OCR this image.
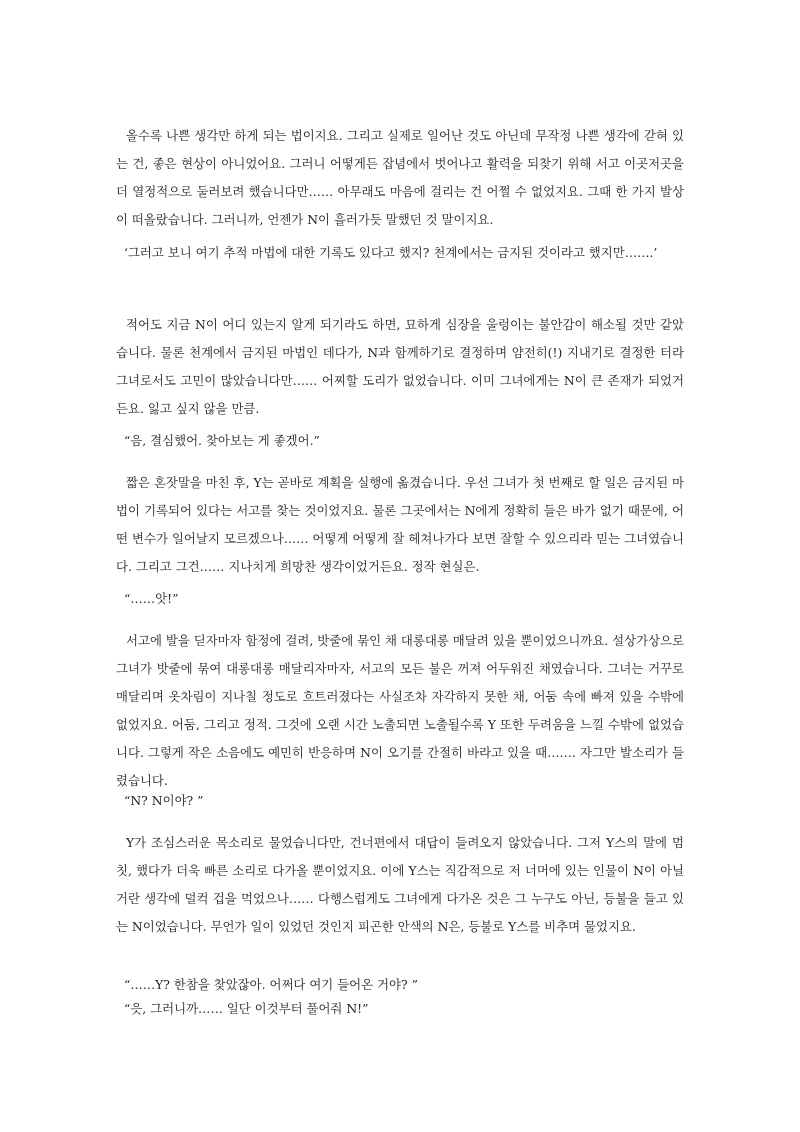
올수록 나쁜 생각만 하게 되는 법이지요. 그리고 실제로 일어난 것도 아닌데 무작정 나쁜 생각에 갇혀 있는 건, 좋은 현상이 아니었어요. 그러니 어떻게든 잡념에서 벗어나고 활력을 되찾기 위해 서고 이곳저곳을 더 열정적으로 둘러보려 했습니다만…… 아무래도 마음에 걸리는 건 어쩔 수 없었지요. 그때 한 가지 발상이 떠올랐습니다. 그러니까, 언젠가 N이 흘러가듯 말했던 것 말이지요.

‘그러고 보니 여기 추적 마법에 대한 기록도 있다고 했지? 천계에서는 금지된 것이라고 했지만…….’

적어도 지금 N이 어디 있는지 알게 되기라도 하면, 묘하게 심장을 울렁이는 불안감이 해소될 것만 같았습니다. 물론 천계에서 금지된 마법인 데다가, N과 함께하기로 결정하며 얌전히(!) 지내기로 결정한 터라 그녀로서도 고민이 많았습니다만…… 어찌할 도리가 없었습니다. 이미 그녀에게는 N이 큰 존재가 되었거든요. 잃고 싶지 않을 만큼.

“음, 결심했어. 찾아보는 게 좋겠어.”

짧은 혼잣말을 마친 후, Y는 곧바로 계획을 실행에 옮겼습니다. 우선 그녀가 첫 번째로 할 일은 금지된 마법이 기록되어 있다는 서고를 찾는 것이었지요. 물론 그곳에서는 N에게 정확히 들은 바가 없기 때문에, 어떤 변수가 일어날지 모르겠으나…… 어떻게 어떻게 잘 헤쳐나가다 보면 잘할 수 있으리라 믿는 그녀였습니다. 그리고 그건…… 지나치게 희망찬 생각이었거든요. 정작 현실은.

“……앗!”

서고에 발을 딛자마자 함정에 걸려, 밧줄에 묶인 채 대롱대롱 매달려 있을 뿐이었으니까요. 설상가상으로 그녀가 밧줄에 묶여 대롱대롱 매달리자마자, 서고의 모든 불은 꺼져 어두워진 채였습니다. 그녀는 거꾸로 매달리며 옷차림이 지나칠 정도로 흐트러졌다는 사실조차 자각하지 못한 채, 어둠 속에 빠져 있을 수밖에 없었지요. 어둠, 그리고 정적. 그것에 오랜 시간 노출되면 노출될수록 Y 또한 두려움을 느낄 수밖에 없었습니다. 그렇게 작은 소음에도 예민히 반응하며 N이 오기를 간절히 바라고 있을 때……. 자그만 발소리가 들렸습니다.

“N? N이야? ”

Y가 조심스러운 목소리로 물었습니다만, 건너편에서 대답이 들려오지 않았습니다. 그저 Y스의 말에 멈칫, 했다가 더욱 빠른 소리로 다가올 뿐이었지요. 이에 Y스는 직감적으로 저 너머에 있는 인물이 N이 아닐 거란 생각에 덜컥 겁을 먹었으나…… 다행스럽게도 그녀에게 다가온 것은 그 누구도 아닌, 등불을 들고 있는 N이었습니다. 무언가 일이 있었던 것인지 피곤한 안색의 N은, 등불로 Y스를 비추며 물었지요.

“……Y? 한참을 찾았잖아. 어쩌다 여기 들어온 거야? ”

“읏, 그러니까…… 일단 이것부터 풀어줘 N!”
